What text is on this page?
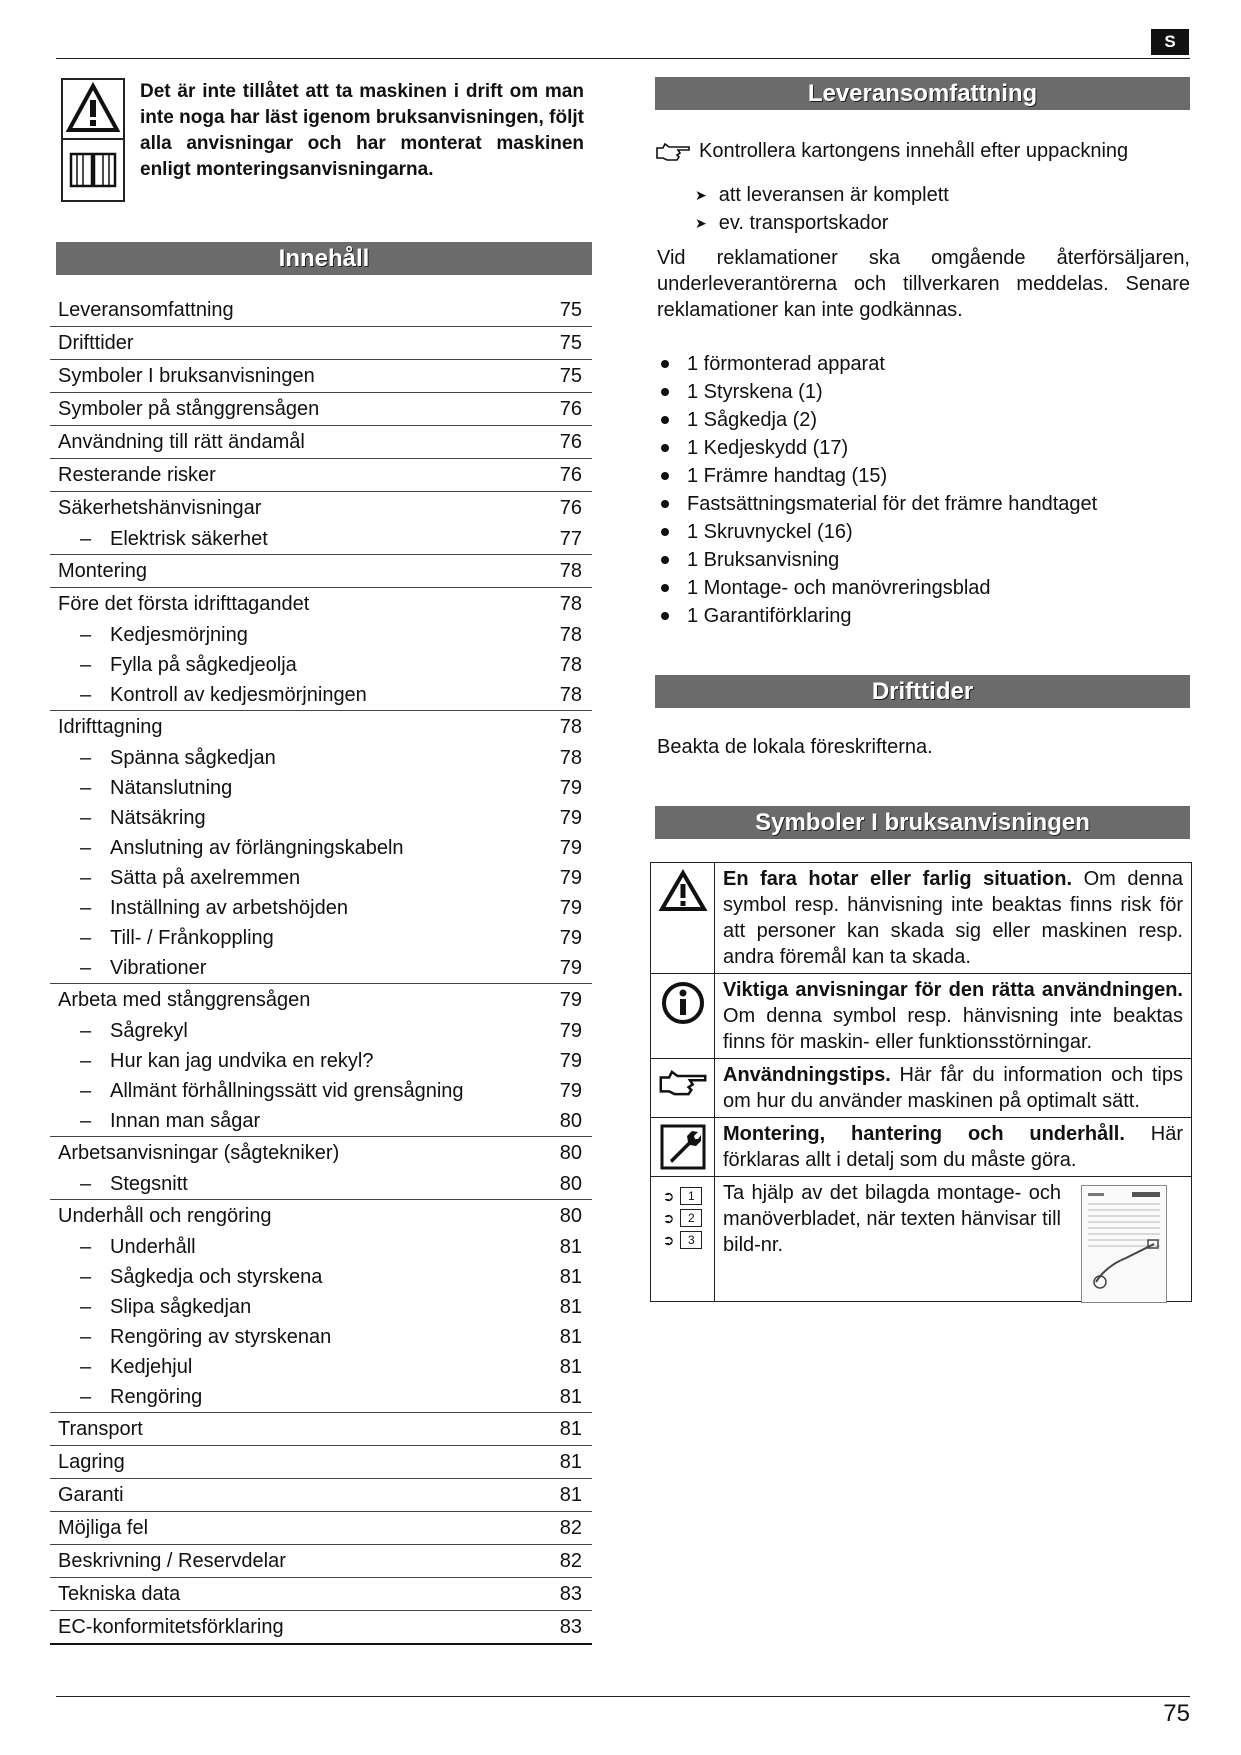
S
Det är inte tillåtet att ta maskinen i drift om man inte noga har läst igenom bruksanvisningen, följt alla anvisningar och har monterat maskinen enligt monteringsanvisningarna.
Innehåll
Leveransomfattning	75
Drifttider	75
Symboler I bruksanvisningen	75
Symboler på stånggrensågen	76
Användning till rätt ändamål	76
Resterande risker	76
Säkerhetshänvisningar	76
– Elektrisk säkerhet	77
Montering	78
Före det första idrifttagandet	78
– Kedjesmörjning	78
– Fylla på sågkedjeolja	78
– Kontroll av kedjesmörjningen	78
Idrifttagning	78
– Spänna sågkedjan	78
– Nätanslutning	79
– Nätsäkring	79
– Anslutning av förlängningskabeln	79
– Sätta på axelremmen	79
– Inställning av arbetshöjden	79
– Till- / Frånkoppling	79
– Vibrationer	79
Arbeta med stånggrensågen	79
– Sågrekyl	79
– Hur kan jag undvika en rekyl?	79
– Allmänt förhållningssätt vid grensågning	79
– Innan man sågar	80
Arbetsanvisningar (sågtekniker)	80
– Stegsnitt	80
Underhåll och rengöring	80
– Underhåll	81
– Sågkedja och styrskena	81
– Slipa sågkedjan	81
– Rengöring av styrskenan	81
– Kedjehjul	81
– Rengöring	81
Transport	81
Lagring	81
Garanti	81
Möjliga fel	82
Beskrivning / Reservdelar	82
Tekniska data	83
EC-konformitetsförklaring	83
Leveransomfattning
Kontrollera kartongens innehåll efter uppackning
➤ att leveransen är komplett
➤ ev. transportskador
Vid reklamationer ska omgående återförsäljaren, underleverantörerna och tillverkaren meddelas. Senare reklamationer kan inte godkännas.
1 förmonterad apparat
1 Styrskena (1)
1 Sågkedja (2)
1 Kedjeskydd (17)
1 Främre handtag (15)
Fastsättningsmaterial för det främre handtaget
1 Skruvnyckel (16)
1 Bruksanvisning
1 Montage- och manövreringsblad
1 Garantiförklaring
Drifttider
Beakta de lokala föreskrifterna.
Symboler I bruksanvisningen
En fara hotar eller farlig situation. Om denna symbol resp. hänvisning inte beaktas finns risk för att personer kan skada sig eller maskinen resp. andra föremål kan ta skada.
Viktiga anvisningar för den rätta användningen. Om denna symbol resp. hänvisning inte beaktas finns för maskin- eller funktionsstörningar.
Användningstips. Här får du information och tips om hur du använder maskinen på optimalt sätt.
Montering, hantering och underhåll. Här förklaras allt i detalj som du måste göra.
➲	1
➲	2
➲	3
Ta hjälp av det bilagda montage- och manöverbladet, när texten hänvisar till bild-nr.
75
